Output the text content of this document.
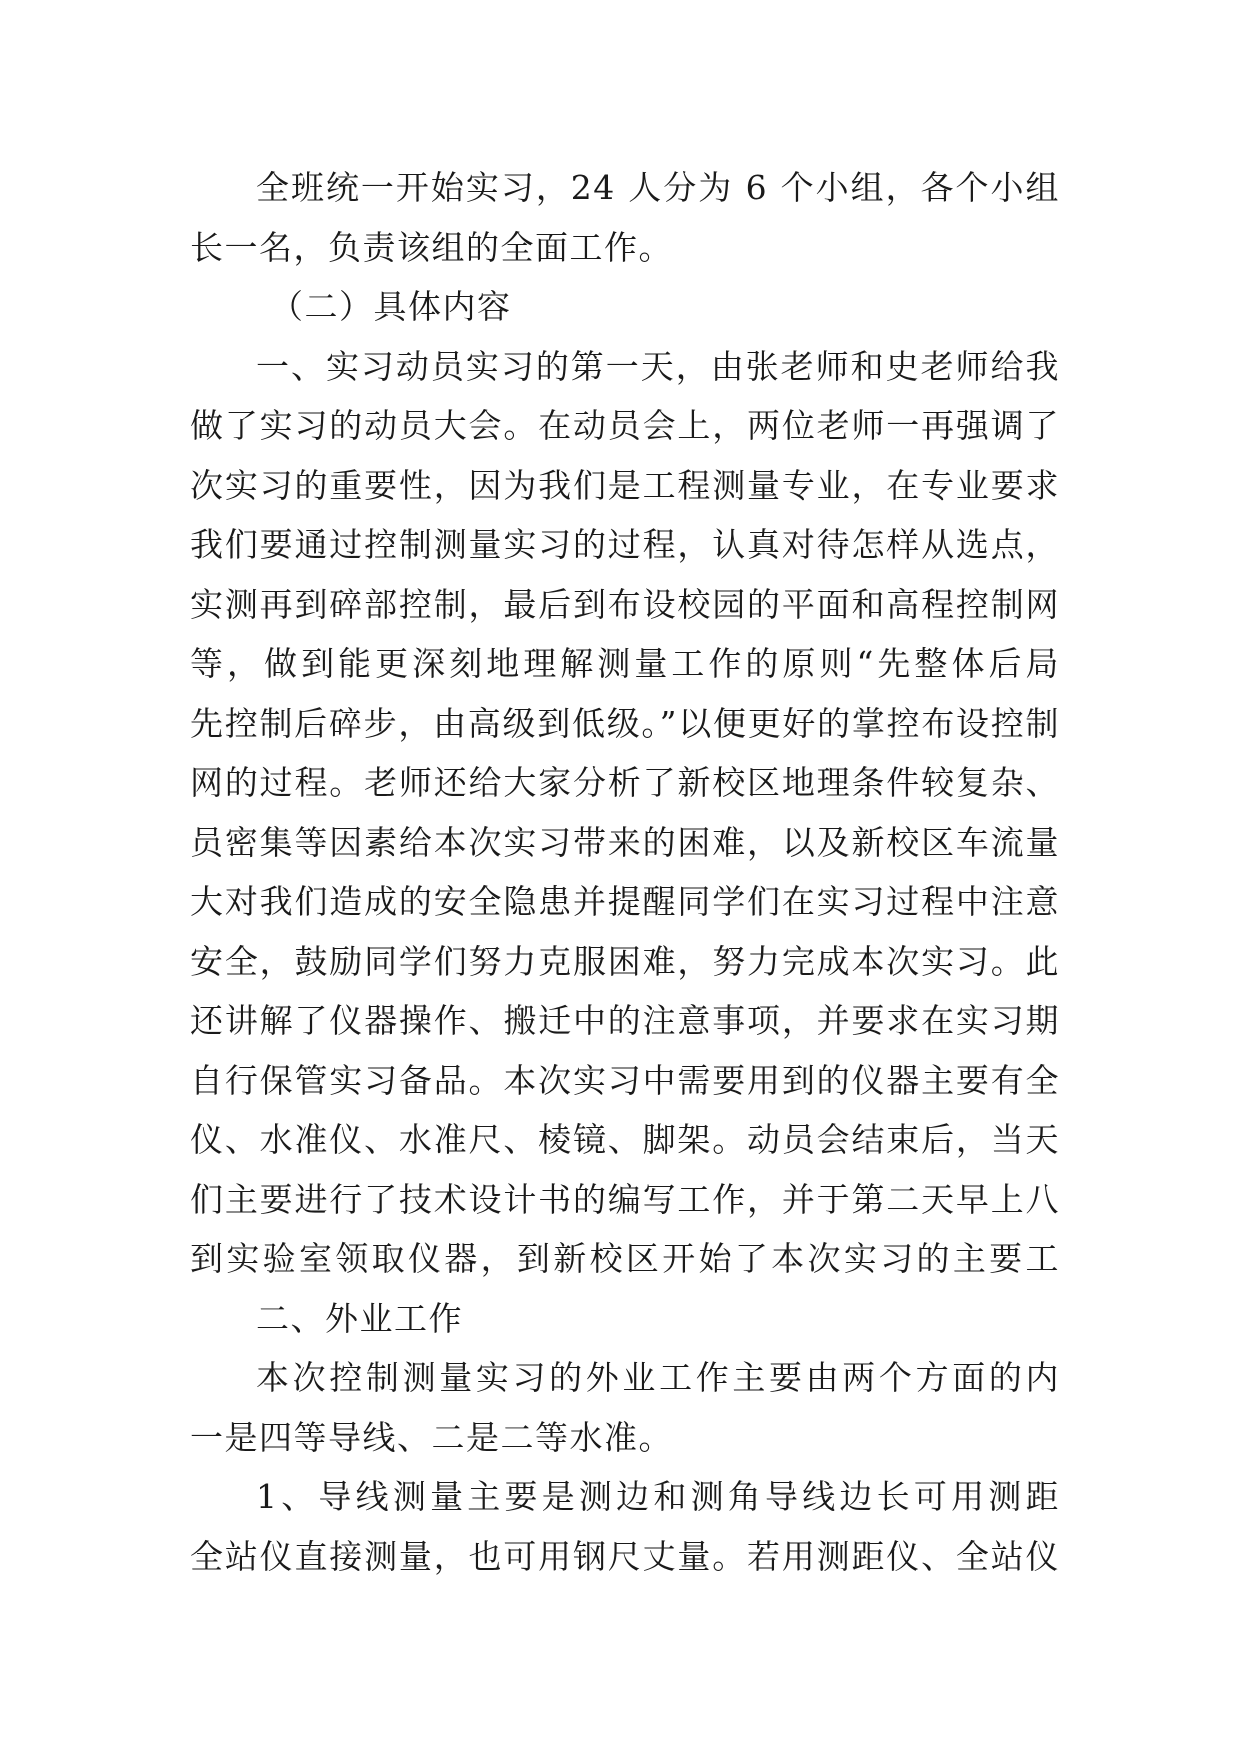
全班统一开始实习，24 人分为 6 个小组，各个小组
长一名，负责该组的全面工作。
（二）具体内容
一、实习动员实习的第一天，由张老师和史老师给我
做了实习的动员大会。在动员会上，两位老师一再强调了
次实习的重要性，因为我们是工程测量专业，在专业要求
我们要通过控制测量实习的过程，认真对待怎样从选点，
实测再到碎部控制，最后到布设校园的平面和高程控制网
等，做到能更深刻地理解测量工作的原则“先整体后局
先控制后碎步，由高级到低级。”以便更好的掌控布设控制
网的过程。老师还给大家分析了新校区地理条件较复杂、
员密集等因素给本次实习带来的困难，以及新校区车流量
大对我们造成的安全隐患并提醒同学们在实习过程中注意
安全，鼓励同学们努力克服困难，努力完成本次实习。此
还讲解了仪器操作、搬迁中的注意事项，并要求在实习期
自行保管实习备品。本次实习中需要用到的仪器主要有全
仪、水准仪、水准尺、棱镜、脚架。动员会结束后，当天
们主要进行了技术设计书的编写工作，并于第二天早上八
到实验室领取仪器，到新校区开始了本次实习的主要工
二、外业工作
本次控制测量实习的外业工作主要由两个方面的内
一是四等导线、二是二等水准。
1、导线测量主要是测边和测角导线边长可用测距
全站仪直接测量，也可用钢尺丈量。若用测距仪、全站仪
